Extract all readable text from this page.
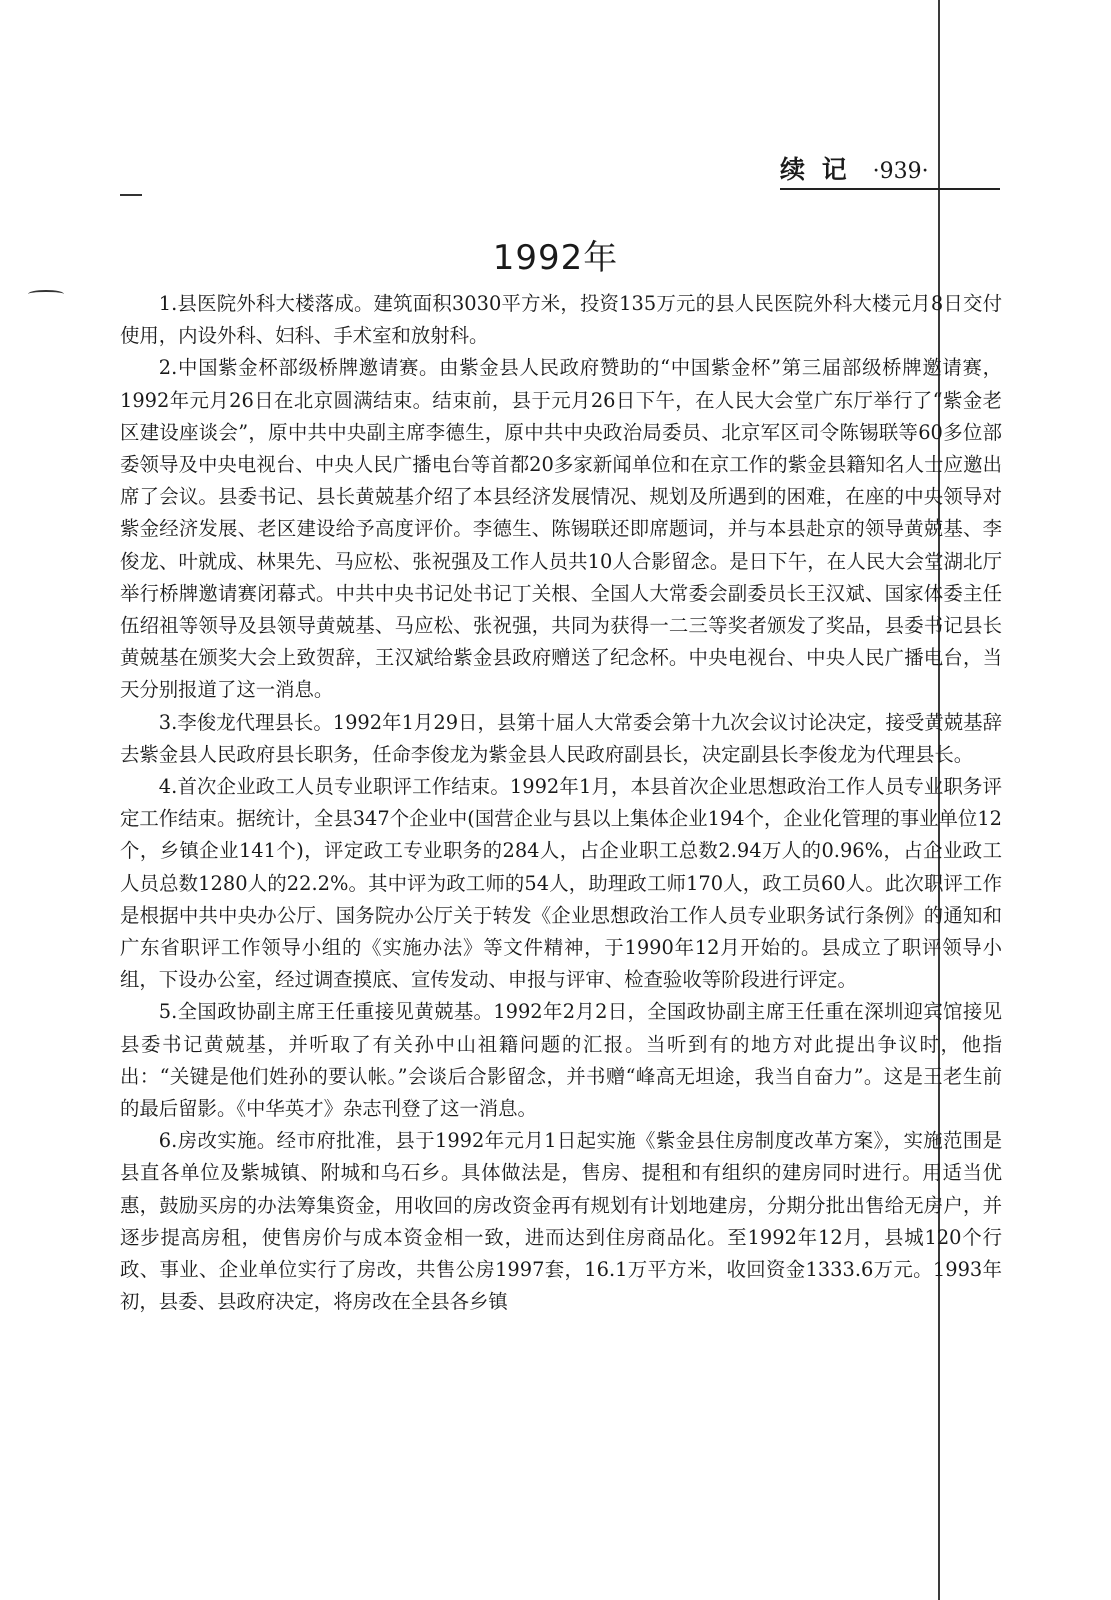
续 记 ·939·
1992年

1.县医院外科大楼落成。建筑面积3030平方米，投资135万元的县人民医院外科大楼元月8日交付使用，内设外科、妇科、手术室和放射科。

2.中国紫金杯部级桥牌邀请赛。由紫金县人民政府赞助的“中国紫金杯”第三届部级桥牌邀请赛，1992年元月26日在北京圆满结束。结束前，县于元月26日下午，在人民大会堂广东厅举行了“紫金老区建设座谈会”，原中共中央副主席李德生，原中共中央政治局委员、北京军区司令陈锡联等60多位部委领导及中央电视台、中央人民广播电台等首都20多家新闻单位和在京工作的紫金县籍知名人士应邀出席了会议。县委书记、县长黄兢基介绍了本县经济发展情况、规划及所遇到的困难，在座的中央领导对紫金经济发展、老区建设给予高度评价。李德生、陈锡联还即席题词，并与本县赴京的领导黄兢基、李俊龙、叶就成、林果先、马应松、张祝强及工作人员共10人合影留念。是日下午，在人民大会堂湖北厅举行桥牌邀请赛闭幕式。中共中央书记处书记丁关根、全国人大常委会副委员长王汉斌、国家体委主任伍绍祖等领导及县领导黄兢基、马应松、张祝强，共同为获得一二三等奖者颁发了奖品，县委书记县长黄兢基在颁奖大会上致贺辞，王汉斌给紫金县政府赠送了纪念杯。中央电视台、中央人民广播电台，当天分别报道了这一消息。

3.李俊龙代理县长。1992年1月29日，县第十届人大常委会第十九次会议讨论决定，接受黄兢基辞去紫金县人民政府县长职务，任命李俊龙为紫金县人民政府副县长，决定副县长李俊龙为代理县长。

4.首次企业政工人员专业职评工作结束。1992年1月，本县首次企业思想政治工作人员专业职务评定工作结束。据统计，全县347个企业中(国营企业与县以上集体企业194个，企业化管理的事业单位12个，乡镇企业141个)，评定政工专业职务的284人，占企业职工总数2.94万人的0.96%，占企业政工人员总数1280人的22.2%。其中评为政工师的54人，助理政工师170人，政工员60人。此次职评工作是根据中共中央办公厅、国务院办公厅关于转发《企业思想政治工作人员专业职务试行条例》的通知和广东省职评工作领导小组的《实施办法》等文件精神，于1990年12月开始的。县成立了职评领导小组，下设办公室，经过调查摸底、宣传发动、申报与评审、检查验收等阶段进行评定。

5.全国政协副主席王任重接见黄兢基。1992年2月2日，全国政协副主席王任重在深圳迎宾馆接见县委书记黄兢基，并听取了有关孙中山祖籍问题的汇报。当听到有的地方对此提出争议时，他指出：“关键是他们姓孙的要认帐。”会谈后合影留念，并书赠“峰高无坦途，我当自奋力”。这是王老生前的最后留影。《中华英才》杂志刊登了这一消息。

6.房改实施。经市府批准，县于1992年元月1日起实施《紫金县住房制度改革方案》，实施范围是县直各单位及紫城镇、附城和乌石乡。具体做法是，售房、提租和有组织的建房同时进行。用适当优惠，鼓励买房的办法筹集资金，用收回的房改资金再有规划有计划地建房，分期分批出售给无房户，并逐步提高房租，使售房价与成本资金相一致，进而达到住房商品化。至1992年12月，县城120个行政、事业、企业单位实行了房改，共售公房1997套，16.1万平方米，收回资金1333.6万元。1993年初，县委、县政府决定，将房改在全县各乡镇
